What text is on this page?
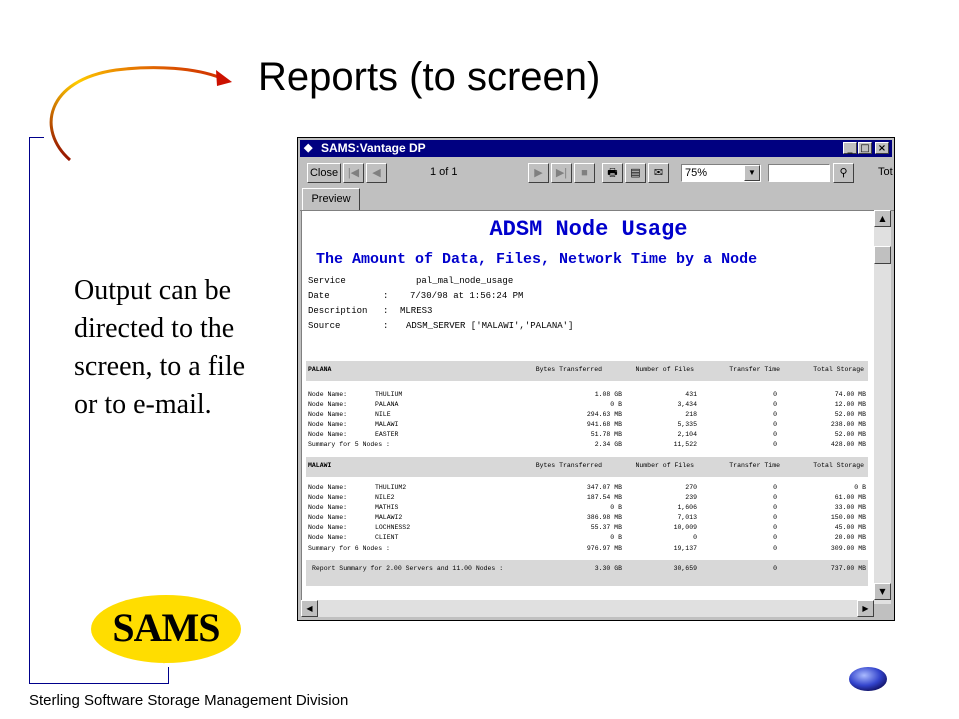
Reports (to screen)
Output can be
directed to the
screen, to a file
or to e-mail.
SAMS
Sterling Software Storage Management Division
◆ SAMS:Vantage DP	_ □ ×
Close |◀	◀	1 of 1	▶	▶|	■	🖶	▤	✉	75%	▼	⚲	Tot
Preview
ADSM Node Usage
The Amount of Data, Files, Network Time by a Node
Service	pal_mal_node_usage
Date	: 7/30/98 at 1:56:24 PM
Description : MLRES3
Source	: ADSM_SERVER ['MALAWI','PALANA']
PALANA	Bytes Transferred	Number of Files	Transfer Time	Total Storage
Node Name:	THULIUM	1.08 GB	431	0	74.00 MB
Node Name:	PALANA	0 B	3,434	0	12.00 MB
Node Name:	NILE	294.63 MB	218	0	52.00 MB
Node Name:	MALAWI	941.68 MB	5,335	0	238.00 MB
Node Name:	EASTER	51.78 MB	2,104	0	52.00 MB
Summary for 5 Nodes :	2.34 GB	11,522	0	428.00 MB
MALAWI	Bytes Transferred	Number of Files	Transfer Time	Total Storage
Node Name:	THULIUM2	347.07 MB	270	0	0 B
Node Name:	NILE2	187.54 MB	239	0	61.00 MB
Node Name:	MATHIS	0 B	1,606	0	33.00 MB
Node Name:	MALAWI2	386.98 MB	7,013	0	150.00 MB
Node Name:	LOCHNESS2	55.37 MB	10,009	0	45.00 MB
Node Name:	CLIENT	0 B	0	0	20.00 MB
Summary for 6 Nodes :	976.97 MB	19,137	0	309.00 MB
Report Summary for 2.00 Servers and 11.00 Nodes :	3.30 GB	30,659	0	737.00 MB
▲
▼
◀	▶
